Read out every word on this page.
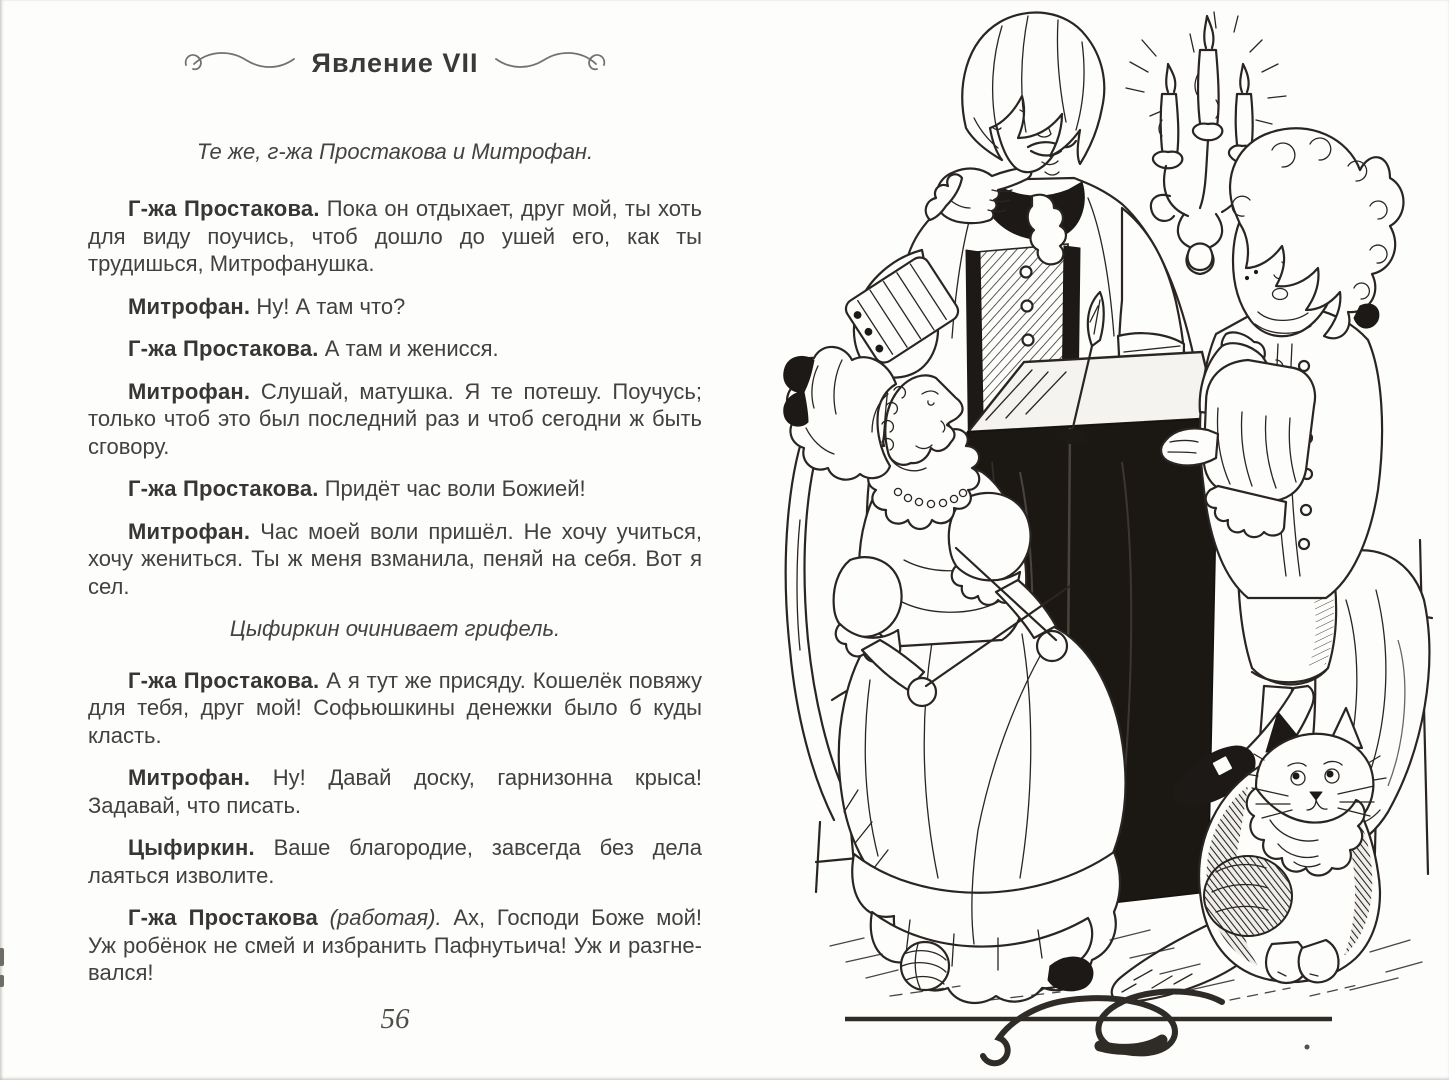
Явление VII

Те же, г-жа Простакова и Митрофан.

Г-жа Простакова. Пока он отдыхает, друг мой, ты хоть для виду поучись, чтоб дошло до ушей его, как ты трудишься, Митрофанушка.

Митрофан. Ну! А там что?

Г-жа Простакова. А там и женисся.

Митрофан. Слушай, матушка. Я те потешу. Поучусь; только чтоб это был последний раз и чтоб сегодни ж быть сговору.

Г-жа Простакова. Придёт час воли Божией!

Митрофан. Час моей воли пришёл. Не хочу учиться, хочу жениться. Ты ж меня взманила, пеняй на себя. Вот я сел.

Цыфиркин очинивает грифель.

Г-жа Простакова. А я тут же присяду. Кошелёк повяжу для тебя, друг мой! Софьюшкины денежки было б куды класть.

Митрофан. Ну! Давай доску, гарнизонна крыса! Задавай, что писать.

Цыфиркин. Ваше благородие, завсегда без дела лаяться изволите.

Г-жа Простакова (работая). Ах, Господи Боже мой! Уж робёнок не смей и избранить Пафнутьича! Уж и разгневался!

56
